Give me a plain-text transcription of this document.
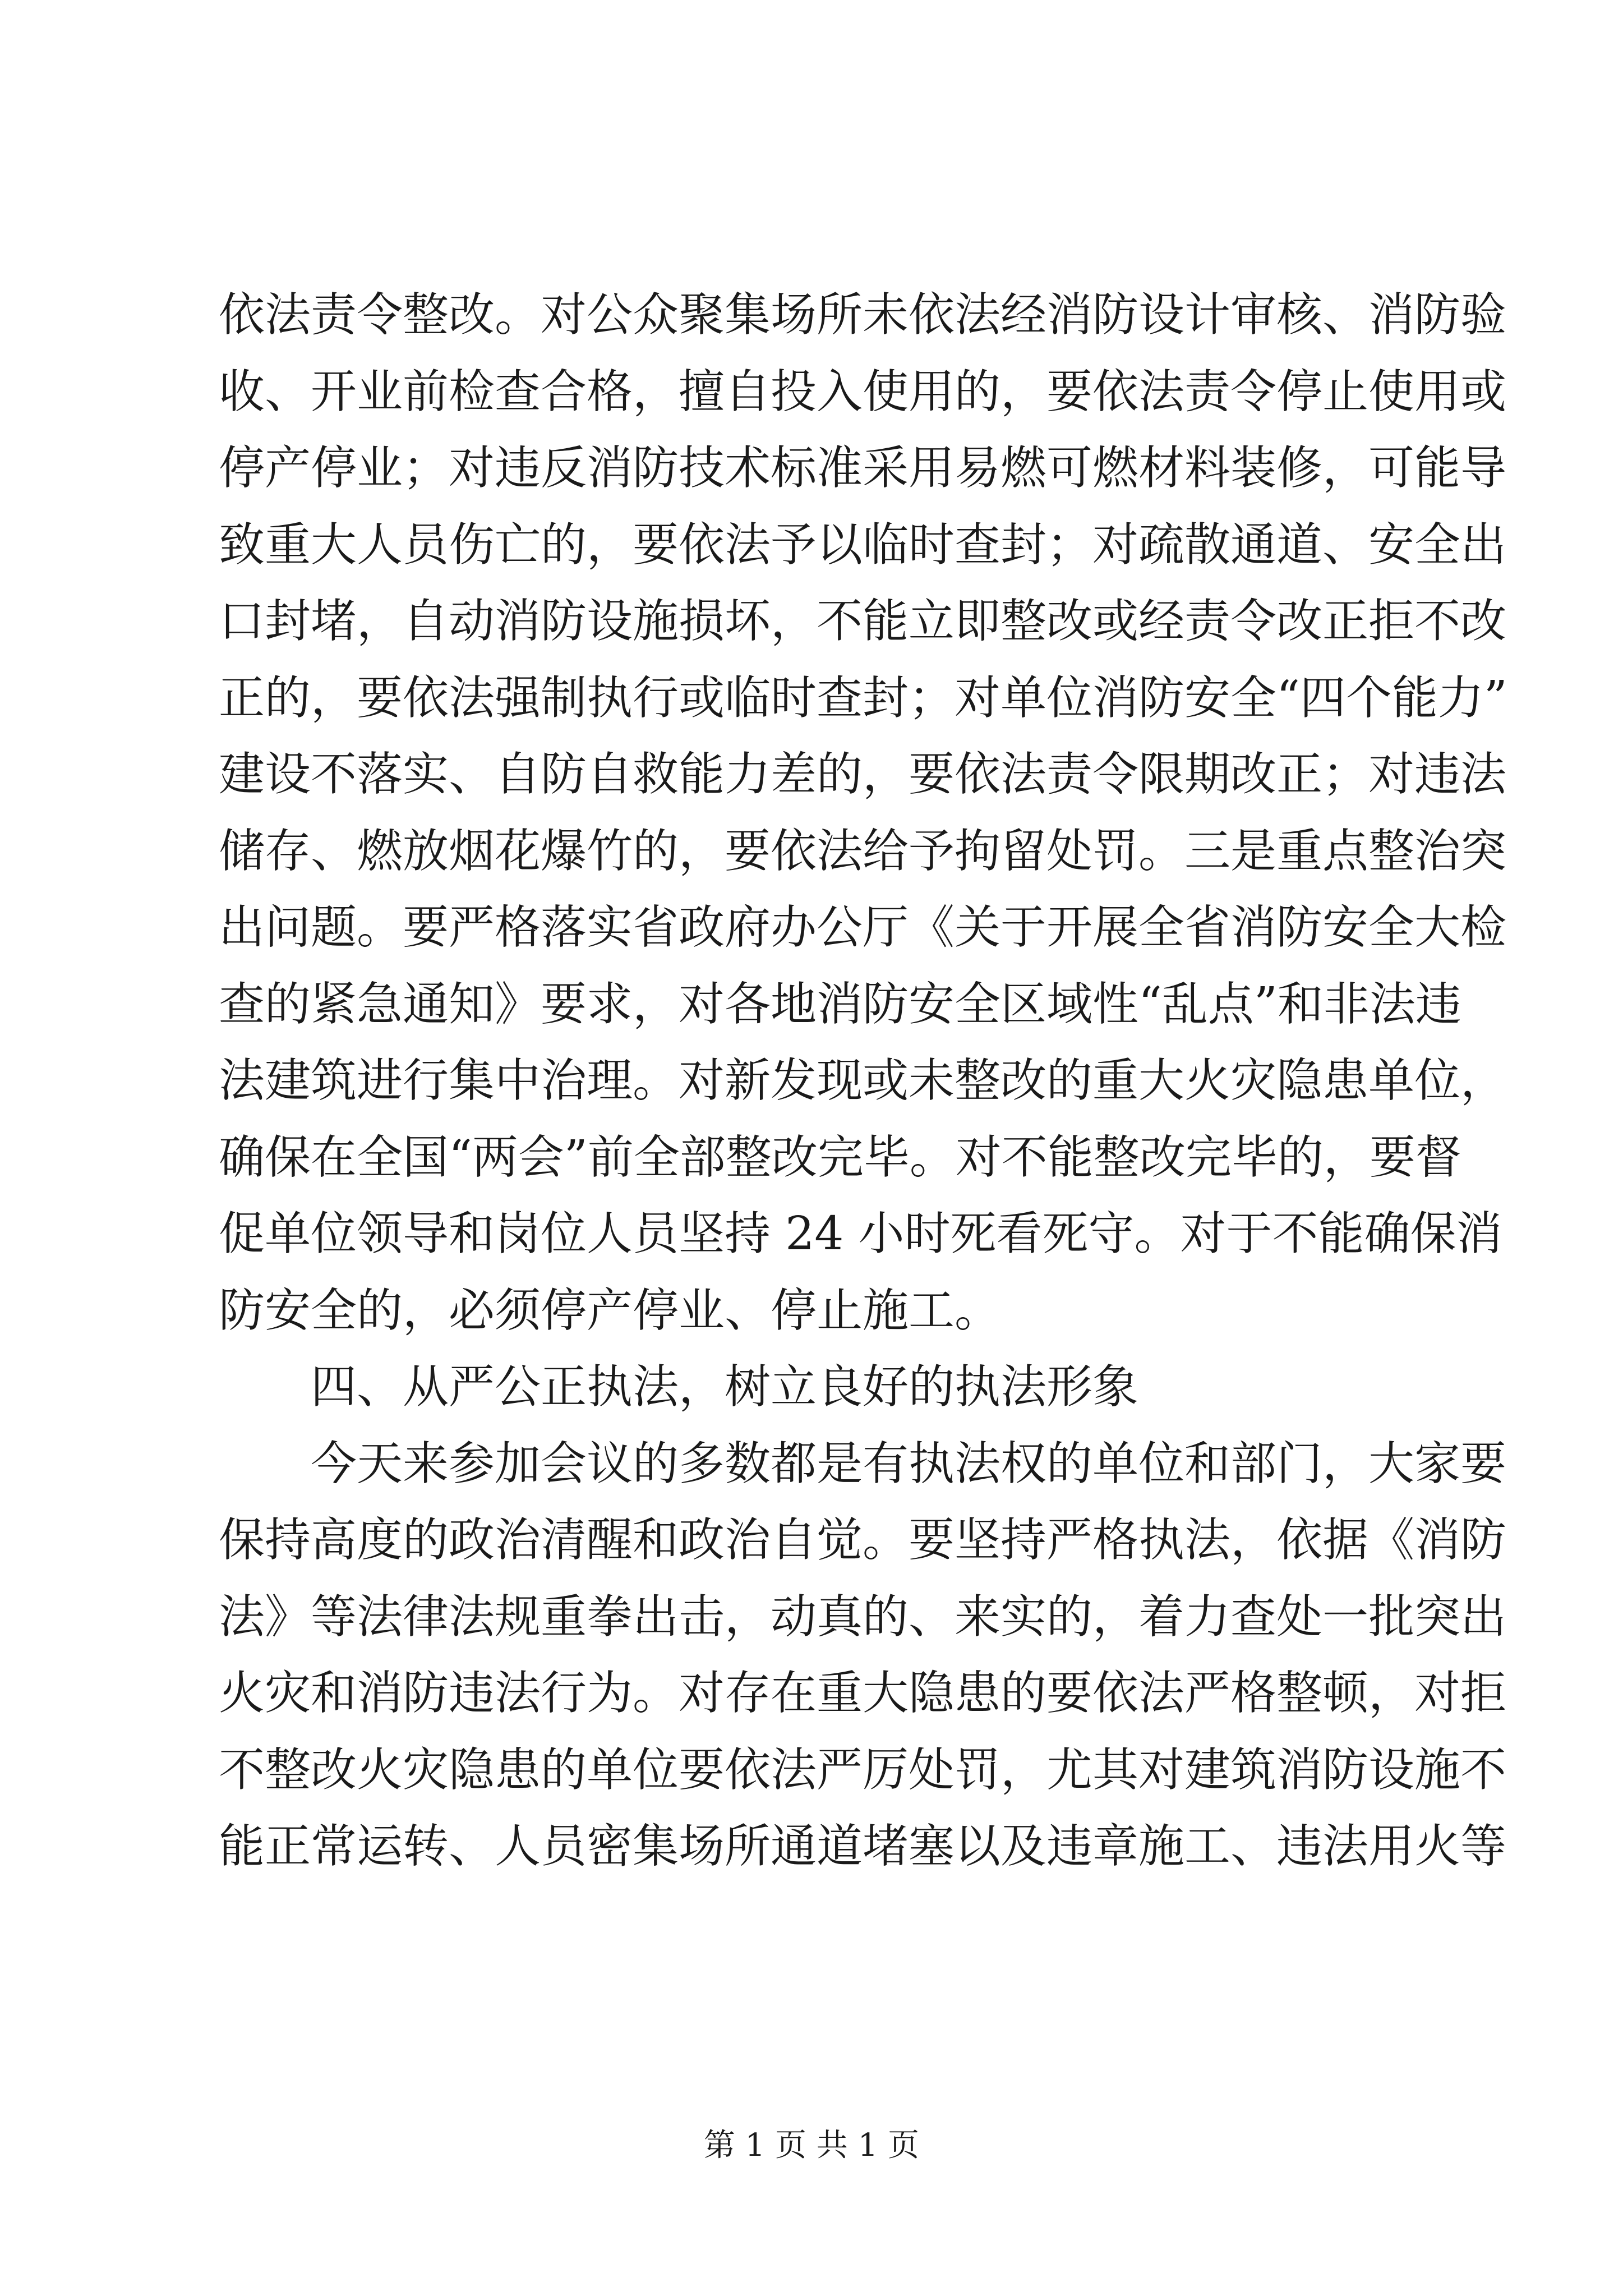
依法责令整改。对公众聚集场所未依法经消防设计审核、消防验
收、开业前检查合格，擅自投入使用的，要依法责令停止使用或
停产停业；对违反消防技术标准采用易燃可燃材料装修，可能导
致重大人员伤亡的，要依法予以临时查封；对疏散通道、安全出
口封堵，自动消防设施损坏，不能立即整改或经责令改正拒不改
正的，要依法强制执行或临时查封；对单位消防安全“四个能力”
建设不落实、自防自救能力差的，要依法责令限期改正；对违法
储存、燃放烟花爆竹的，要依法给予拘留处罚。三是重点整治突
出问题。要严格落实省政府办公厅《关于开展全省消防安全大检
查的紧急通知》要求，对各地消防安全区域性“乱点”和非法违
法建筑进行集中治理。对新发现或未整改的重大火灾隐患单位，
确保在全国“两会”前全部整改完毕。对不能整改完毕的，要督
促单位领导和岗位人员坚持 24 小时死看死守。对于不能确保消
防安全的，必须停产停业、停止施工。
四、从严公正执法，树立良好的执法形象
今天来参加会议的多数都是有执法权的单位和部门，大家要
保持高度的政治清醒和政治自觉。要坚持严格执法，依据《消防
法》等法律法规重拳出击，动真的、来实的，着力查处一批突出
火灾和消防违法行为。对存在重大隐患的要依法严格整顿，对拒
不整改火灾隐患的单位要依法严厉处罚，尤其对建筑消防设施不
能正常运转、人员密集场所通道堵塞以及违章施工、违法用火等
第 1 页 共 1 页
